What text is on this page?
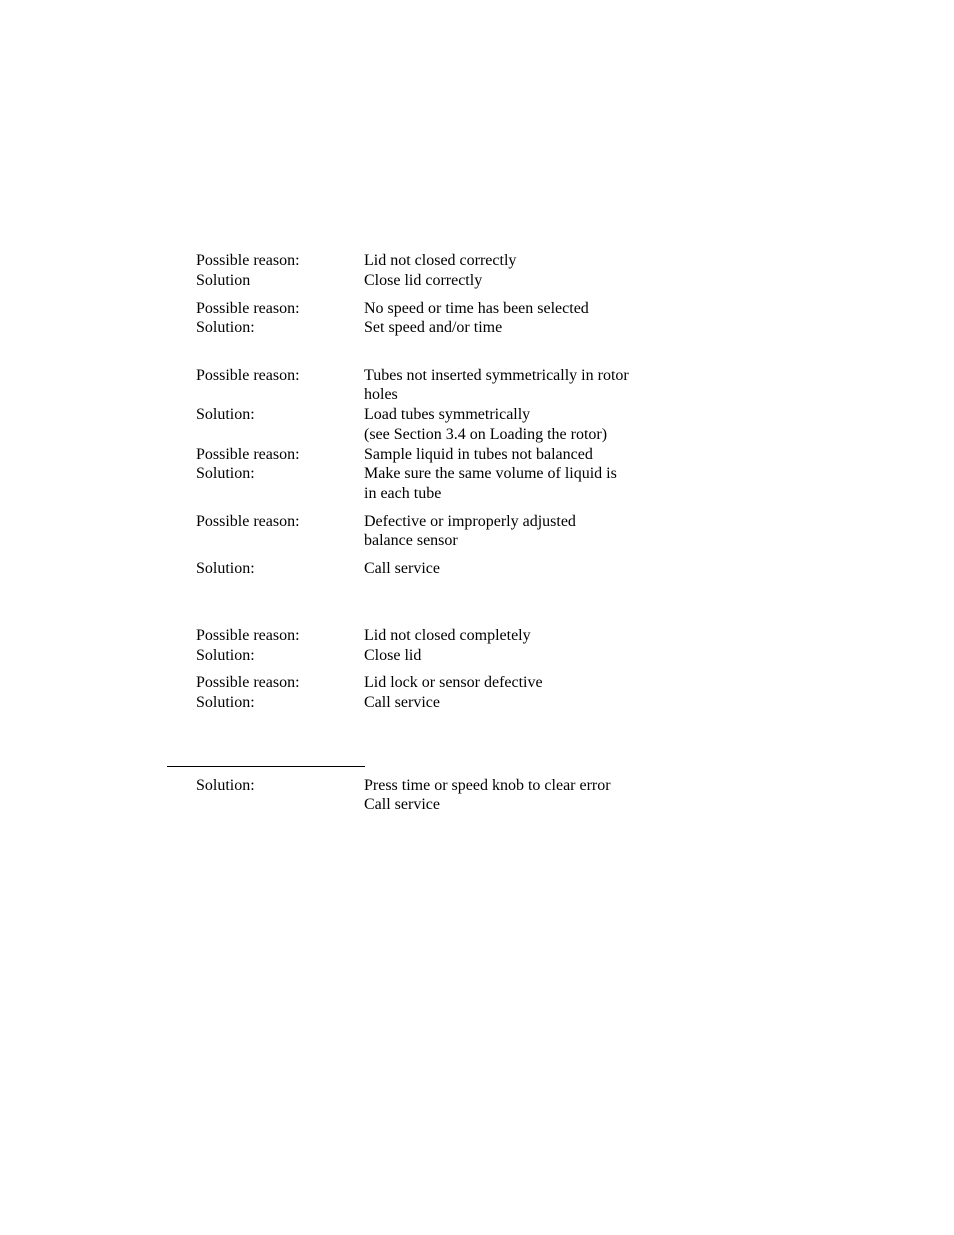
Possible reason:	Lid not closed correctly
Solution	Close lid correctly
Possible reason:	No speed or time has been selected
Solution:	Set speed and/or time
Possible reason:	Tubes not inserted symmetrically in rotor
holes
Solution:	Load tubes symmetrically
(see Section 3.4 on Loading the rotor)
Possible reason:	Sample liquid in tubes not balanced
Solution:	Make sure the same volume of liquid is
in each tube
Possible reason:	Defective or improperly adjusted
balance sensor
Solution:	Call service
Possible reason:	Lid not closed completely
Solution:	Close lid
Possible reason:	Lid lock or sensor defective
Solution:	Call service
Solution:	Press time or speed knob to clear error
Call service
